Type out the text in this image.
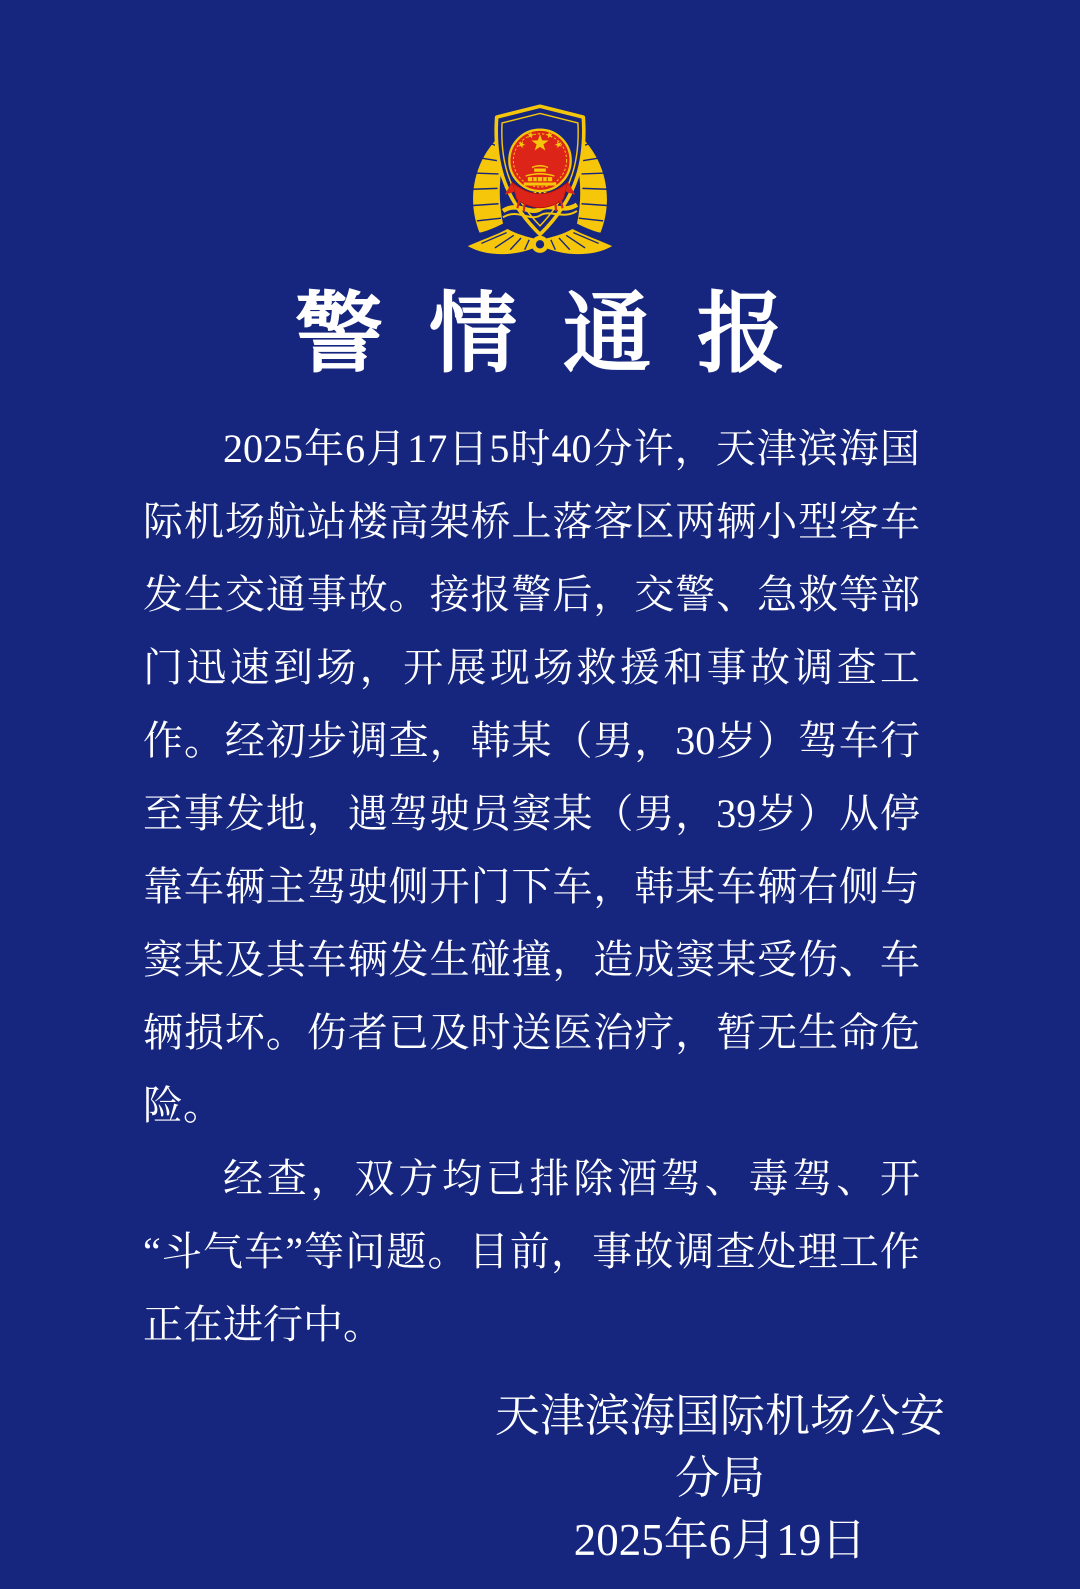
警情通报

2025年6月17日5时40分许，天津滨海国际机场航站楼高架桥上落客区两辆小型客车发生交通事故。接报警后，交警、急救等部门迅速到场，开展现场救援和事故调查工作。经初步调查，韩某（男，30岁）驾车行至事发地，遇驾驶员窦某（男，39岁）从停靠车辆主驾驶侧开门下车，韩某车辆右侧与窦某及其车辆发生碰撞，造成窦某受伤、车辆损坏。伤者已及时送医治疗，暂无生命危险。

经查，双方均已排除酒驾、毒驾、开“斗气车”等问题。目前，事故调查处理工作正在进行中。

天津滨海国际机场公安分局
2025年6月19日
